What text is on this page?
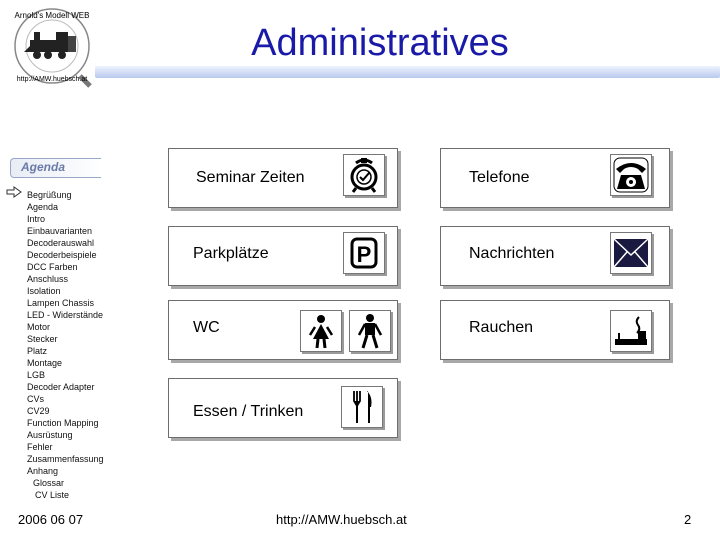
Arnold's Modell WEB
http://AMW.huebsch.at
Administratives
Agenda
Begrüßung
Agenda
Intro
Einbauvarianten
Decoderauswahl
Decoderbeispiele
DCC Farben
Anschluss
Isolation
Lampen Chassis
LED - Widerstände
Motor
Stecker
Platz
Montage
LGB
Decoder Adapter
CVs
CV29
Function Mapping
Ausrüstung
Fehler
Zusammenfassung
Anhang
Glossar
CV Liste
Seminar Zeiten	Telefone
Parkplätze	P	Nachrichten
WC	Rauchen
Essen / Trinken
2006 06 07	http://AMW.huebsch.at	2
